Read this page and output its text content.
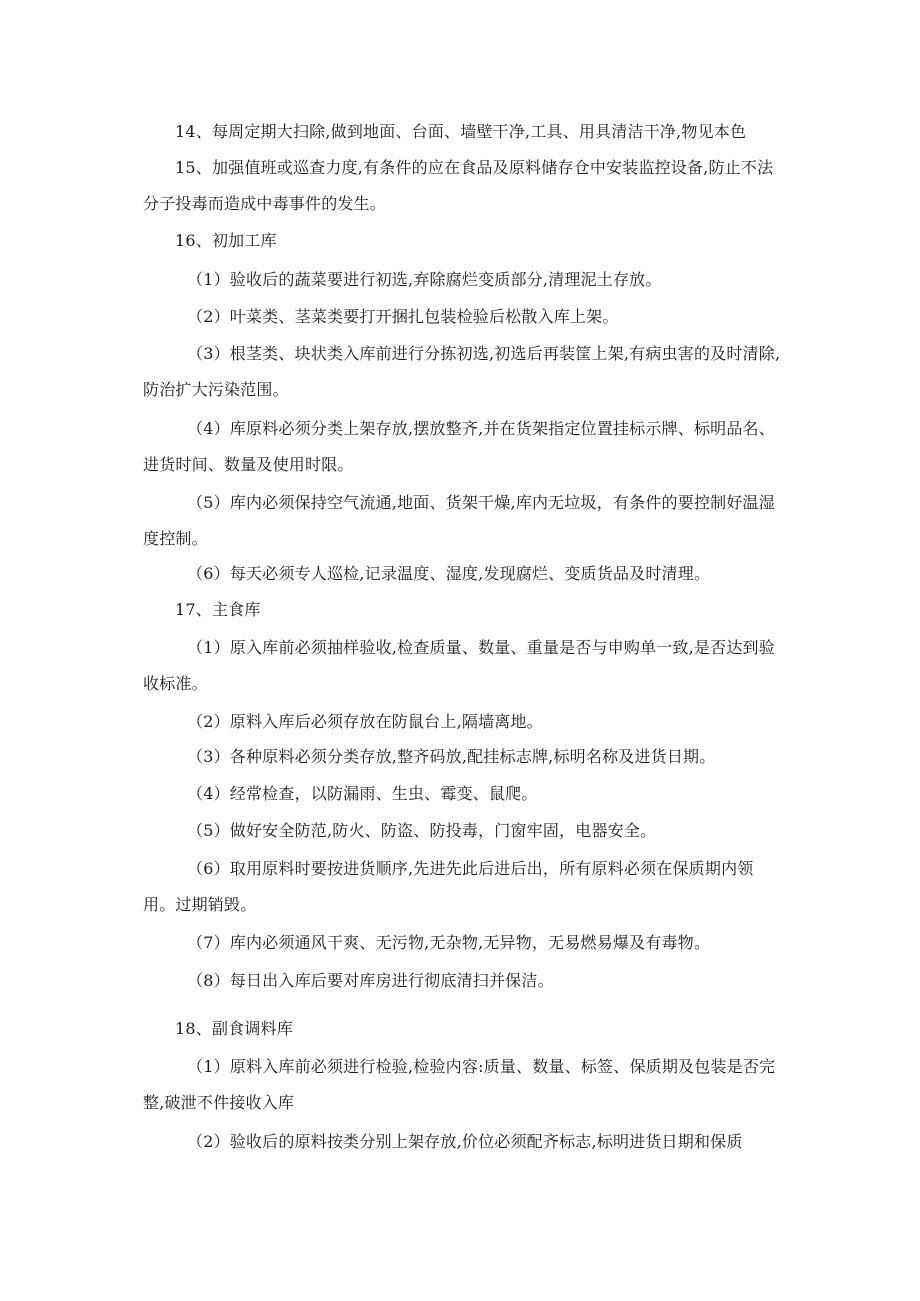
14、每周定期大扫除,做到地面、台面、墙壁干净,工具、用具清洁干净,物见本色

15、加强值班或巡查力度,有条件的应在食品及原料储存仓中安装监控设备,防止不法分子投毒而造成中毒事件的发生。

16、初加工库

（1）验收后的蔬菜要进行初选,弃除腐烂变质部分,清理泥土存放。

（2）叶菜类、茎菜类要打开捆扎包装检验后松散入库上架。

（3）根茎类、块状类入库前进行分拣初选,初选后再装筐上架,有病虫害的及时清除,防治扩大污染范围。

（4）库原料必须分类上架存放,摆放整齐,并在货架指定位置挂标示牌、标明品名、进货时间、数量及使用时限。

（5）库内必须保持空气流通,地面、货架干燥,库内无垃圾，有条件的要控制好温湿度控制。

（6）每天必须专人巡检,记录温度、湿度,发现腐烂、变质货品及时清理。

17、主食库

（1）原入库前必须抽样验收,检查质量、数量、重量是否与申购单一致,是否达到验收标准。

（2）原料入库后必须存放在防鼠台上,隔墙离地。

（3）各种原料必须分类存放,整齐码放,配挂标志牌,标明名称及进货日期。

（4）经常检查，以防漏雨、生虫、霉变、鼠爬。

（5）做好安全防范,防火、防盗、防投毒，门窗牢固，电器安全。

（6）取用原料时要按进货顺序,先进先此后进后出，所有原料必须在保质期内领用。过期销毁。

（7）库内必须通风干爽、无污物,无杂物,无异物，无易燃易爆及有毒物。

（8）每日出入库后要对库房进行彻底清扫并保洁。

18、副食调料库

（1）原料入库前必须进行检验,检验内容:质量、数量、标签、保质期及包装是否完整,破泄不件接收入库

（2）验收后的原料按类分别上架存放,价位必须配齐标志,标明进货日期和保质
